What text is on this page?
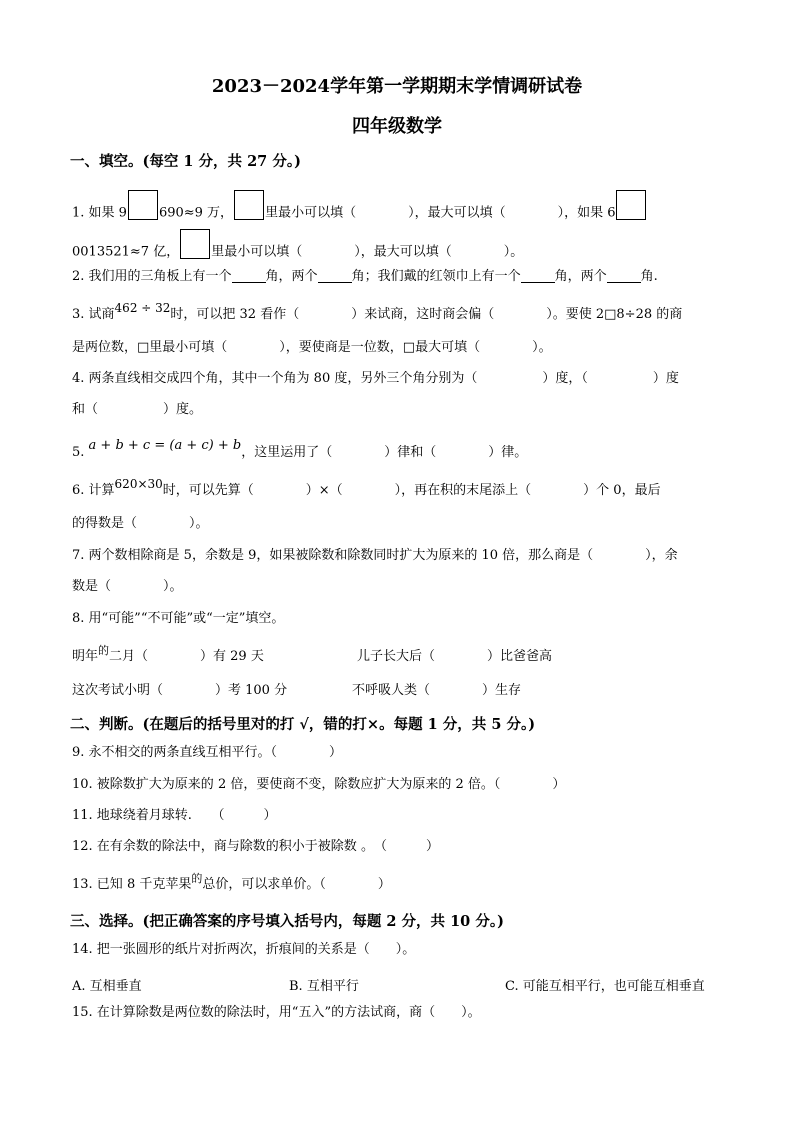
2023－2024学年第一学期期末学情调研试卷
四年级数学
一、填空。(每空 1 分，共 27 分。)
1. 如果 9 690≈9 万， 里最小可以填（　　　　），最大可以填（　　　　），如果 6
0013521≈7 亿， 里最小可以填（　　　　），最大可以填（　　　　）。
2. 我们用的三角板上有一个	角，两个	角；我们戴的红领巾上有一个	角，两个	角.
3. 试商462 ÷ 32时，可以把 32 看作（　　　　）来试商，这时商会偏（　　　　）。要使 2□8÷28 的商
是两位数，□里最小可填（　　　　），要使商是一位数，□最大可填（　　　　）。
4. 两条直线相交成四个角，其中一个角为 80 度，另外三个角分别为（　　　　　）度，（　　　　　）度
和（　　　　　）度。
5. a + b + c = (a + c) + b，这里运用了（　　　　）律和（　　　　）律。
6. 计算620×30时，可以先算（　　　　）×（　　　　），再在积的末尾添上（　　　　）个 0，最后
的得数是（　　　　）。
7. 两个数相除商是 5，余数是 9，如果被除数和除数同时扩大为原来的 10 倍，那么商是（　　　　），余
数是（　　　　）。
8. 用“可能”“不可能”或“一定”填空。
明年$^的$二月（　　　　）有 29 天	儿子长大后（　　　　）比爸爸高
这次考试小明（　　　　）考 100 分	不呼吸人类（　　　　）生存
二、判断。(在题后的括号里对的打 √，错的打×。每题 1 分，共 5 分。)
9. 永不相交的两条直线互相平行。（　　　　）
10. 被除数扩大为原来的 2 倍，要使商不变，除数应扩大为原来的 2 倍。（　　　　）
11. 地球绕着月球转.　　（　　　）
12. 在有余数的除法中，商与除数的积小于被除数 。　（　　　）
13. 已知 8 千克苹果$^的$总价，可以求单价。（　　　　）
三、选择。(把正确答案的序号填入括号内，每题 2 分，共 10 分。)
14. 把一张圆形的纸片对折两次，折痕间的关系是（　　）。
A. 互相垂直	B. 互相平行	C. 可能互相平行，也可能互相垂直
15. 在计算除数是两位数的除法时，用“五入”的方法试商，商（　　）。
